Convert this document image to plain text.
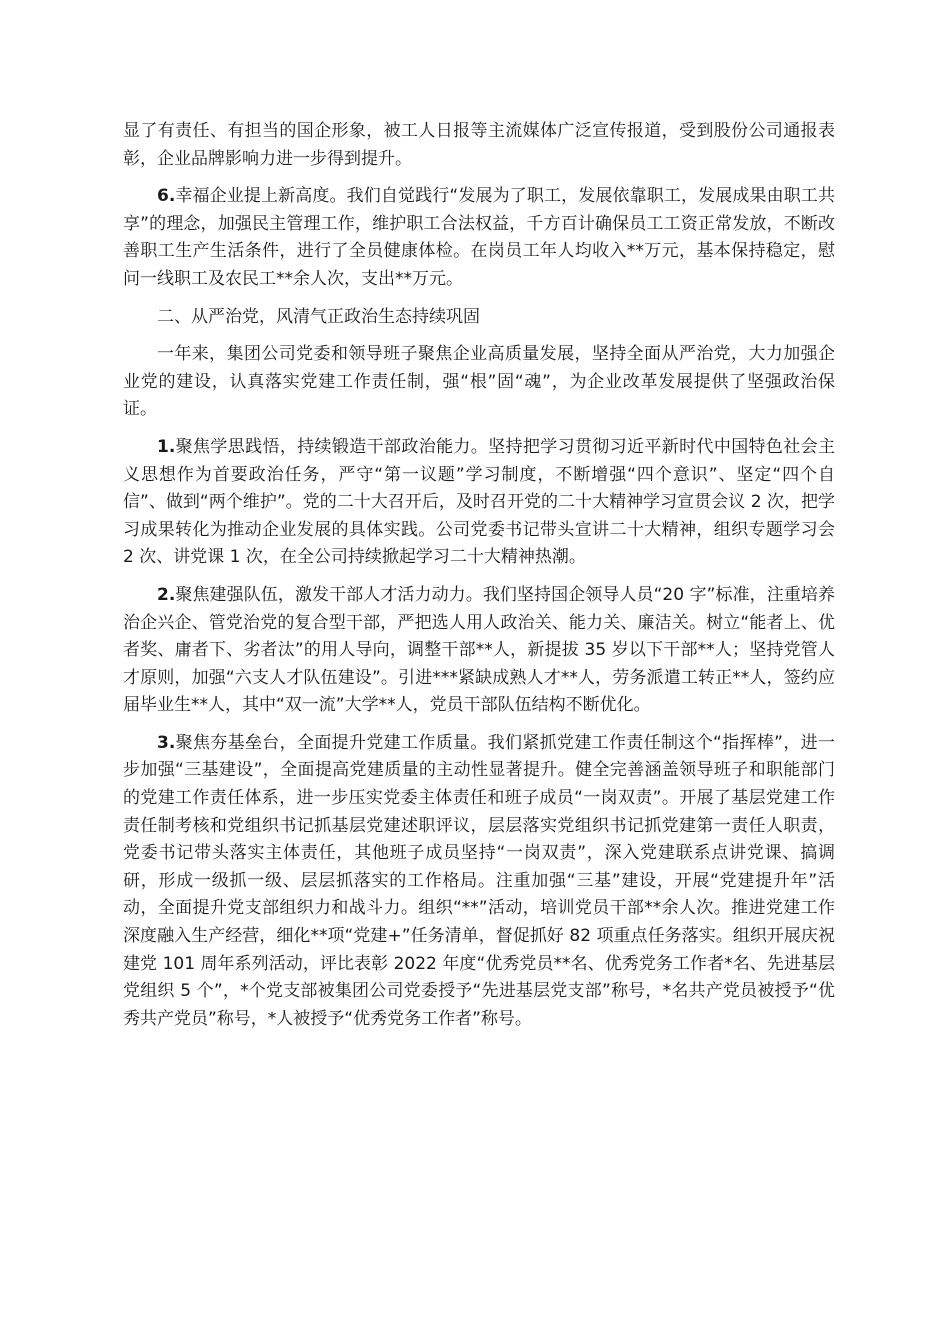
显了有责任、有担当的国企形象，被工人日报等主流媒体广泛宣传报道，受到股份公司通报表彰，企业品牌影响力进一步得到提升。

6.幸福企业提上新高度。我们自觉践行“发展为了职工，发展依靠职工，发展成果由职工共享”的理念，加强民主管理工作，维护职工合法权益，千方百计确保员工工资正常发放，不断改善职工生产生活条件，进行了全员健康体检。在岗员工年人均收入**万元，基本保持稳定，慰问一线职工及农民工**余人次，支出**万元。

二、从严治党，风清气正政治生态持续巩固

一年来，集团公司党委和领导班子聚焦企业高质量发展，坚持全面从严治党，大力加强企业党的建设，认真落实党建工作责任制，强“根”固“魂”，为企业改革发展提供了坚强政治保证。

1.聚焦学思践悟，持续锻造干部政治能力。坚持把学习贯彻习近平新时代中国特色社会主义思想作为首要政治任务，严守“第一议题”学习制度，不断增强“四个意识”、坚定“四个自信”、做到“两个维护”。党的二十大召开后，及时召开党的二十大精神学习宣贯会议 2 次，把学习成果转化为推动企业发展的具体实践。公司党委书记带头宣讲二十大精神，组织专题学习会 2 次、讲党课 1 次，在全公司持续掀起学习二十大精神热潮。

2.聚焦建强队伍，激发干部人才活力动力。我们坚持国企领导人员“20 字”标准，注重培养治企兴企、管党治党的复合型干部，严把选人用人政治关、能力关、廉洁关。树立“能者上、优者奖、庸者下、劣者汰”的用人导向，调整干部**人，新提拔 35 岁以下干部**人；坚持党管人才原则，加强“六支人才队伍建设”。引进***紧缺成熟人才**人，劳务派遣工转正**人，签约应届毕业生**人，其中“双一流”大学**人，党员干部队伍结构不断优化。

3.聚焦夯基垒台，全面提升党建工作质量。我们紧抓党建工作责任制这个“指挥棒”，进一步加强“三基建设”，全面提高党建质量的主动性显著提升。健全完善涵盖领导班子和职能部门的党建工作责任体系，进一步压实党委主体责任和班子成员“一岗双责”。开展了基层党建工作责任制考核和党组织书记抓基层党建述职评议，层层落实党组织书记抓党建第一责任人职责，党委书记带头落实主体责任，其他班子成员坚持“一岗双责”，深入党建联系点讲党课、搞调研，形成一级抓一级、层层抓落实的工作格局。注重加强“三基”建设，开展“党建提升年”活动，全面提升党支部组织力和战斗力。组织“**”活动，培训党员干部**余人次。推进党建工作深度融入生产经营，细化**项“党建+”任务清单，督促抓好 82 项重点任务落实。组织开展庆祝建党 101 周年系列活动，评比表彰 2022 年度“优秀党员**名、优秀党务工作者*名、先进基层党组织 5 个”，*个党支部被集团公司党委授予“先进基层党支部”称号，*名共产党员被授予“优秀共产党员”称号，*人被授予“优秀党务工作者”称号。
